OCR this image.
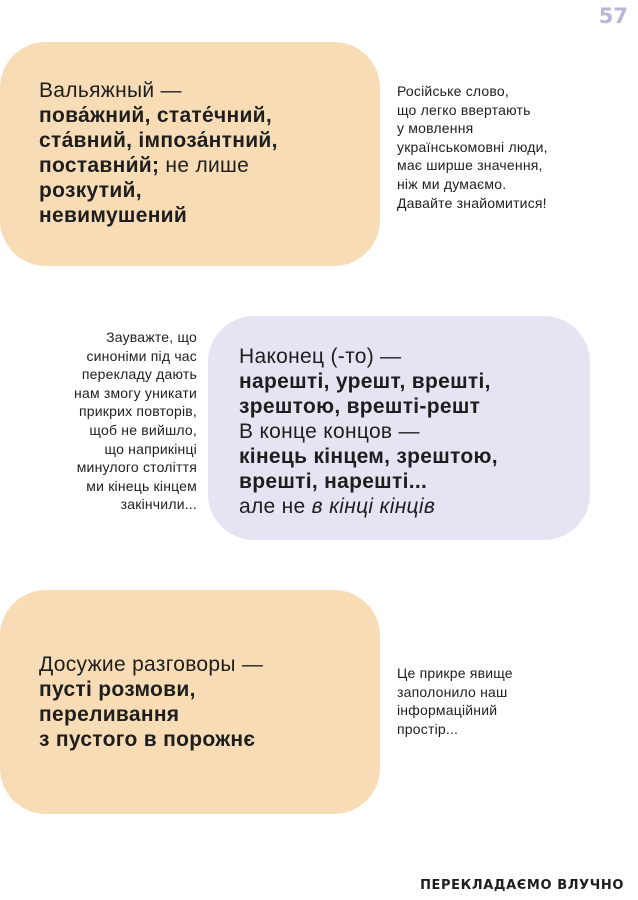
57
Вальяжный —
пова́жний, стате́чний,
ста́вний, імпоза́нтний,
поставни́й; не лише
розкутий,
невимушений
Російське слово,
що легко ввертають
у мовлення
українськомовні люди,
має ширше значення,
ніж ми думаємо.
Давайте знайомитися!
Зауважте, що
синоніми під час
перекладу дають
нам змогу уникати
прикрих повторів,
щоб не вийшло,
що наприкінці
минулого століття
ми кінець кінцем
закінчили...
Наконец (-то) —
нарешті, урешт, врешті,
зрештою, врешті-решт
В конце концов —
кінець кінцем, зрештою,
врешті, нарешті...
але не в кінці кінців
Досужие разговоры —
пусті розмови,
переливання
з пустого в порожнє
Це прикре явище
заполонило наш
інформаційний
простір...
ПЕРЕКЛАДАЄМО ВЛУЧНО
